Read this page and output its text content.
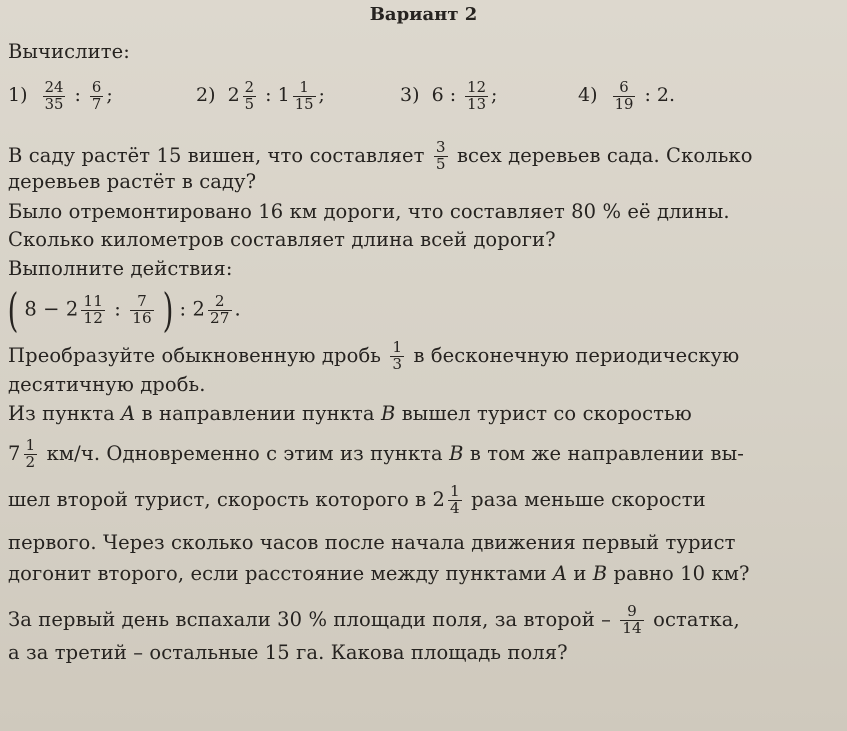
Вариант 2
Вычислите:
$1) \frac{24}{35}$ : $\frac{6}{7}$ ;	2) $2 \frac{2}{5}$ : $1 \frac{1}{15}$ ;	3) 6 : $\frac{12}{13}$ ;	$4) \frac{6}{19}$ : 2.
В саду растёт 15 вишен, что составляет $\frac{3}{5}$ всех деревьев сада. Сколько
деревьев растёт в саду?
Было отремонтировано 16 км дороги, что составляет 80 % её длины.
Сколько километров составляет длина всей дороги?
Выполните действия:
( $8 - 2 \frac{11}{12}$ : $\frac{7}{16}$ ) : $2 \frac{2}{27}$ .
Преобразуйте обыкновенную дробь $\frac{1}{3}$ в бесконечную периодическую
десятичную дробь.
Из пункта A в направлении пункта B вышел турист со скоростью
$7 \frac{1}{2} км/ч$. Одновременно с этим из пункта B в том же направлении вы-
шел второй турист, скорость которого в $2 \frac{1}{4}$ раза меньше скорости
первого. Через сколько часов после начала движения первый турист
догонит второго, если расстояние между пунктами A и B равно 10 км?
За первый день вспахали 30 % площади поля, за второй – $\frac{9}{14}$ остатка,
а за третий – остальные 15 га. Какова площадь поля?
